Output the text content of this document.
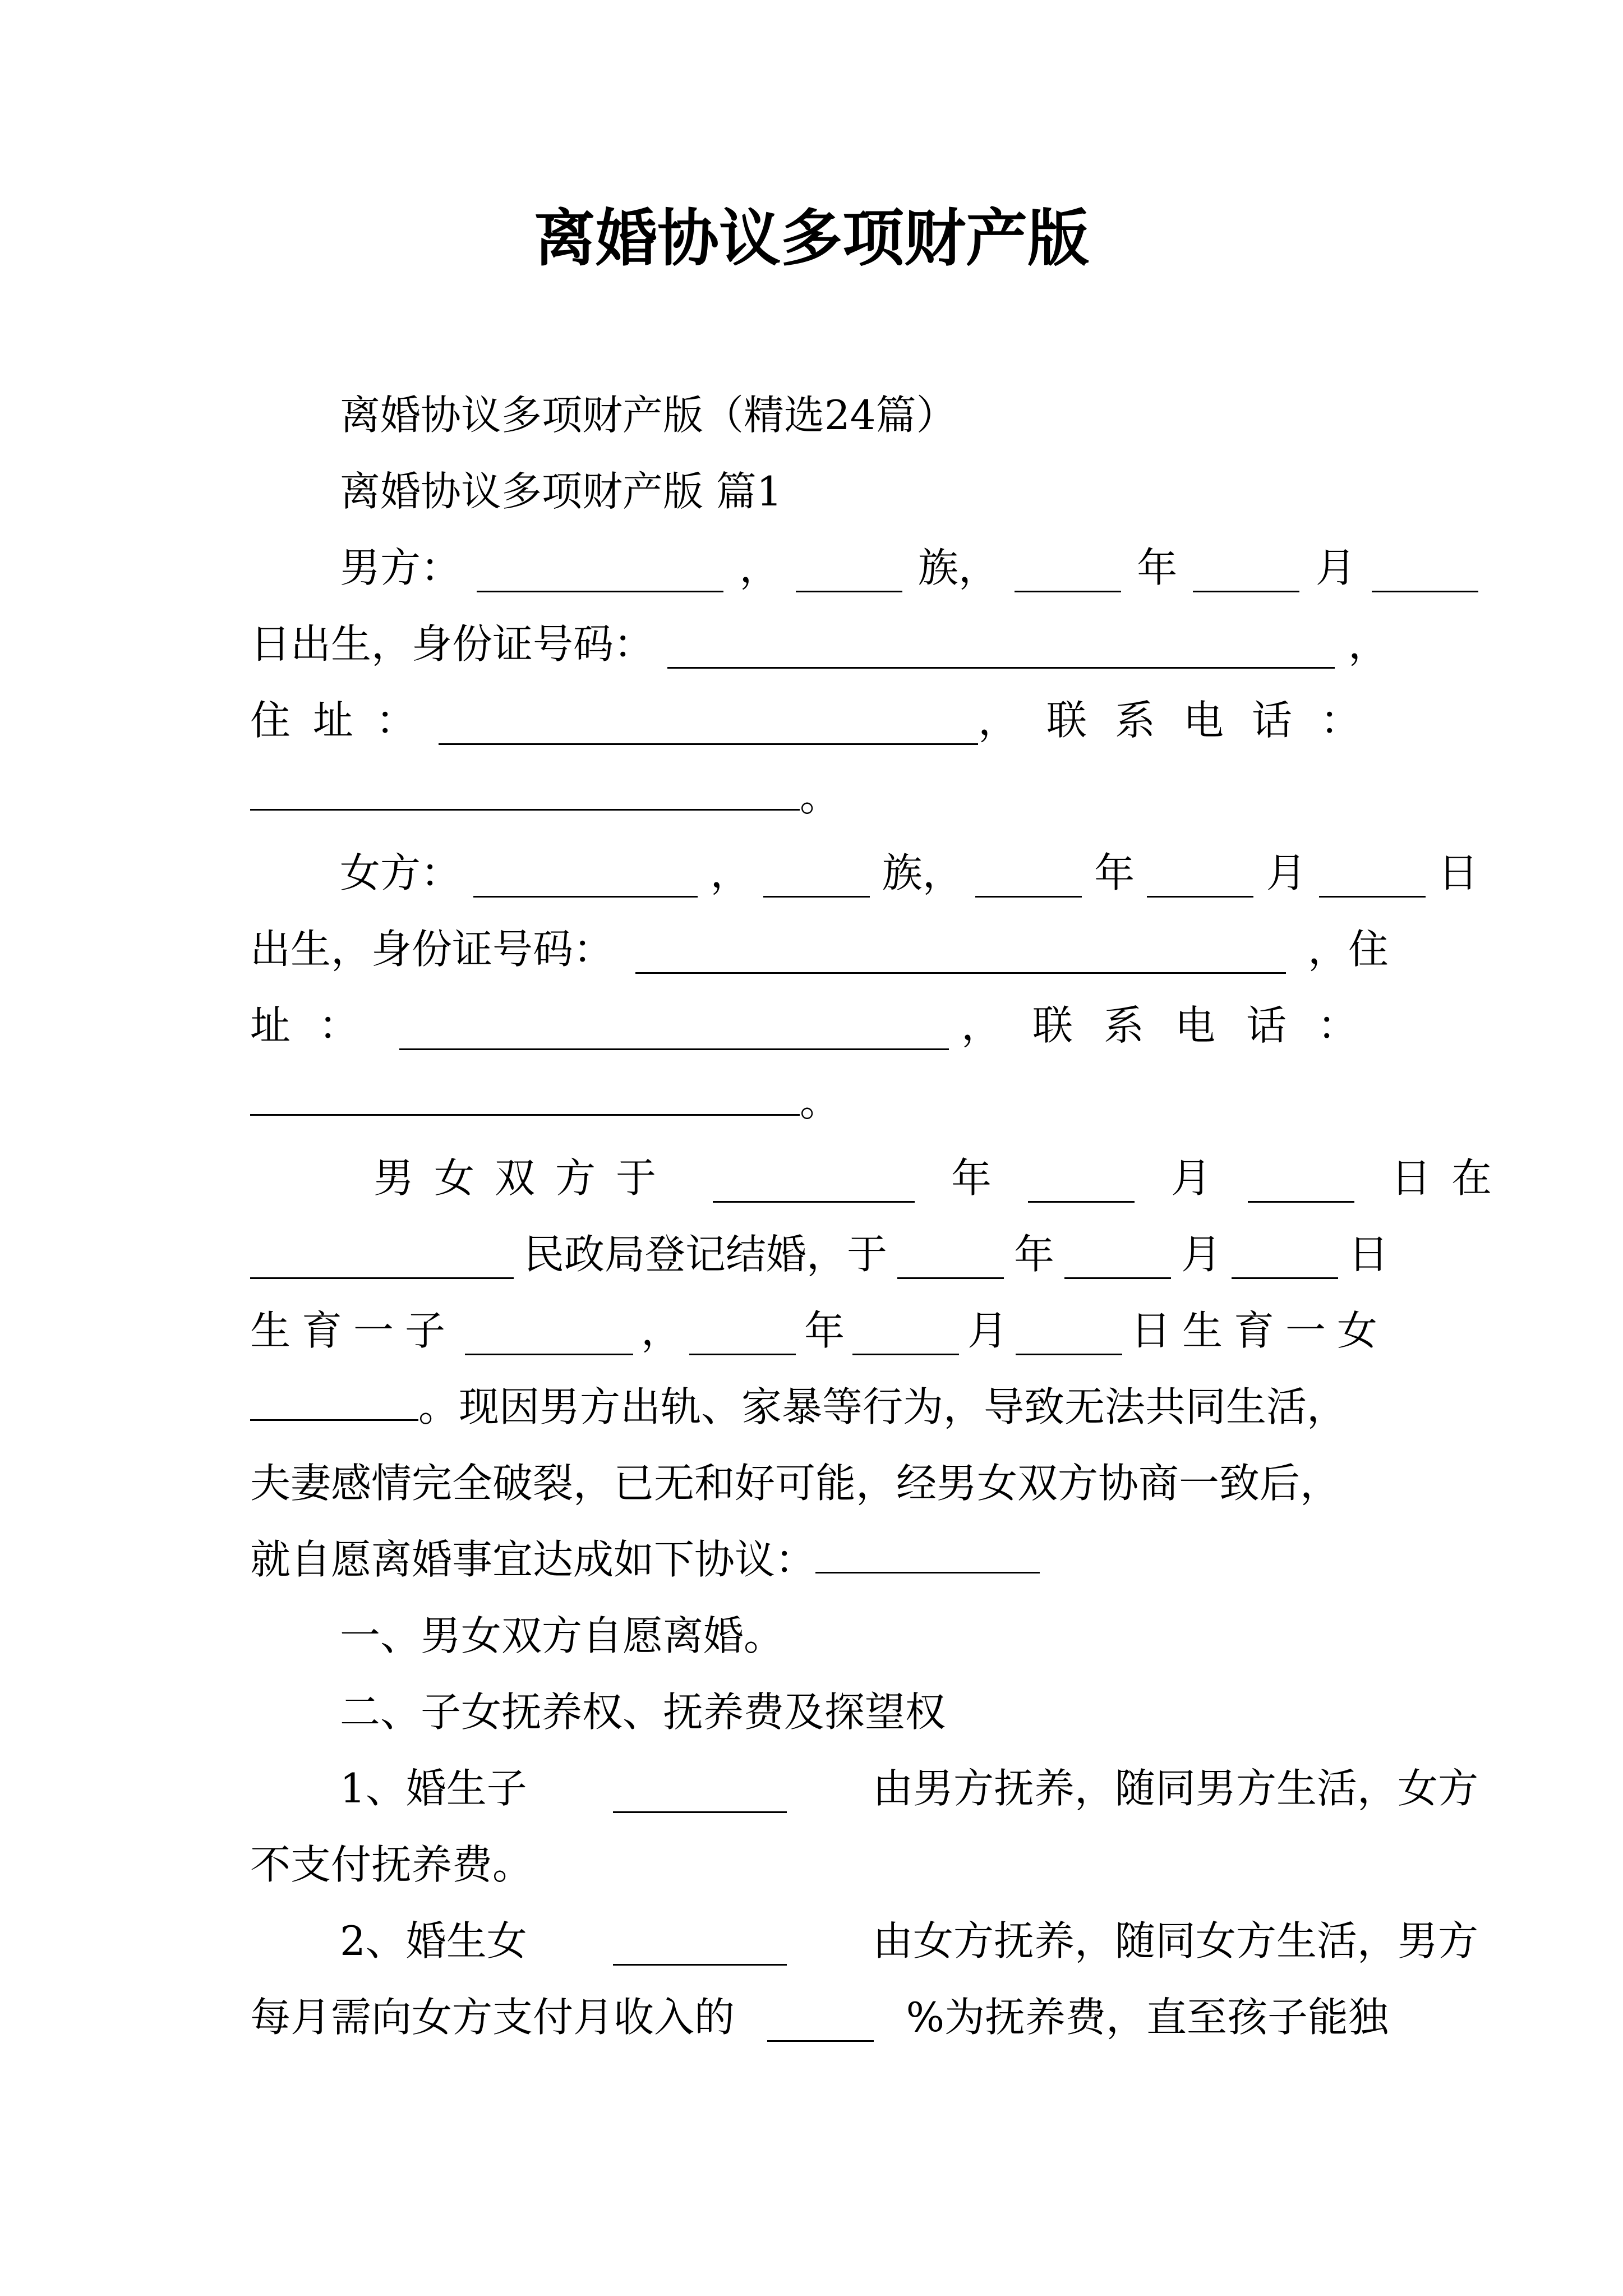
离婚协议多项财产版
离婚协议多项财产版（精选24篇）
离婚协议多项财产版 篇1
男方：	，	族，	年	月
日出生，身份证号码：	，
住址：	，联系电话：
。
女方：	，	族，	年	月	日
出生，身份证号码：	，住
址：	，联系电话：
。
男女双方于	年	月	日在
民政局登记结婚，于	年	月	日
生育一子	，	年	月	日生育一女
。现因男方出轨、家暴等行为，导致无法共同生活，
夫妻感情完全破裂，已无和好可能，经男女双方协商一致后，
就自愿离婚事宜达成如下协议：
一、男女双方自愿离婚。
二、子女抚养权、抚养费及探望权
1、婚生子	由男方抚养，随同男方生活，女方
不支付抚养费。
2、婚生女	由女方抚养，随同女方生活，男方
每月需向女方支付月收入的	%为抚养费，直至孩子能独
